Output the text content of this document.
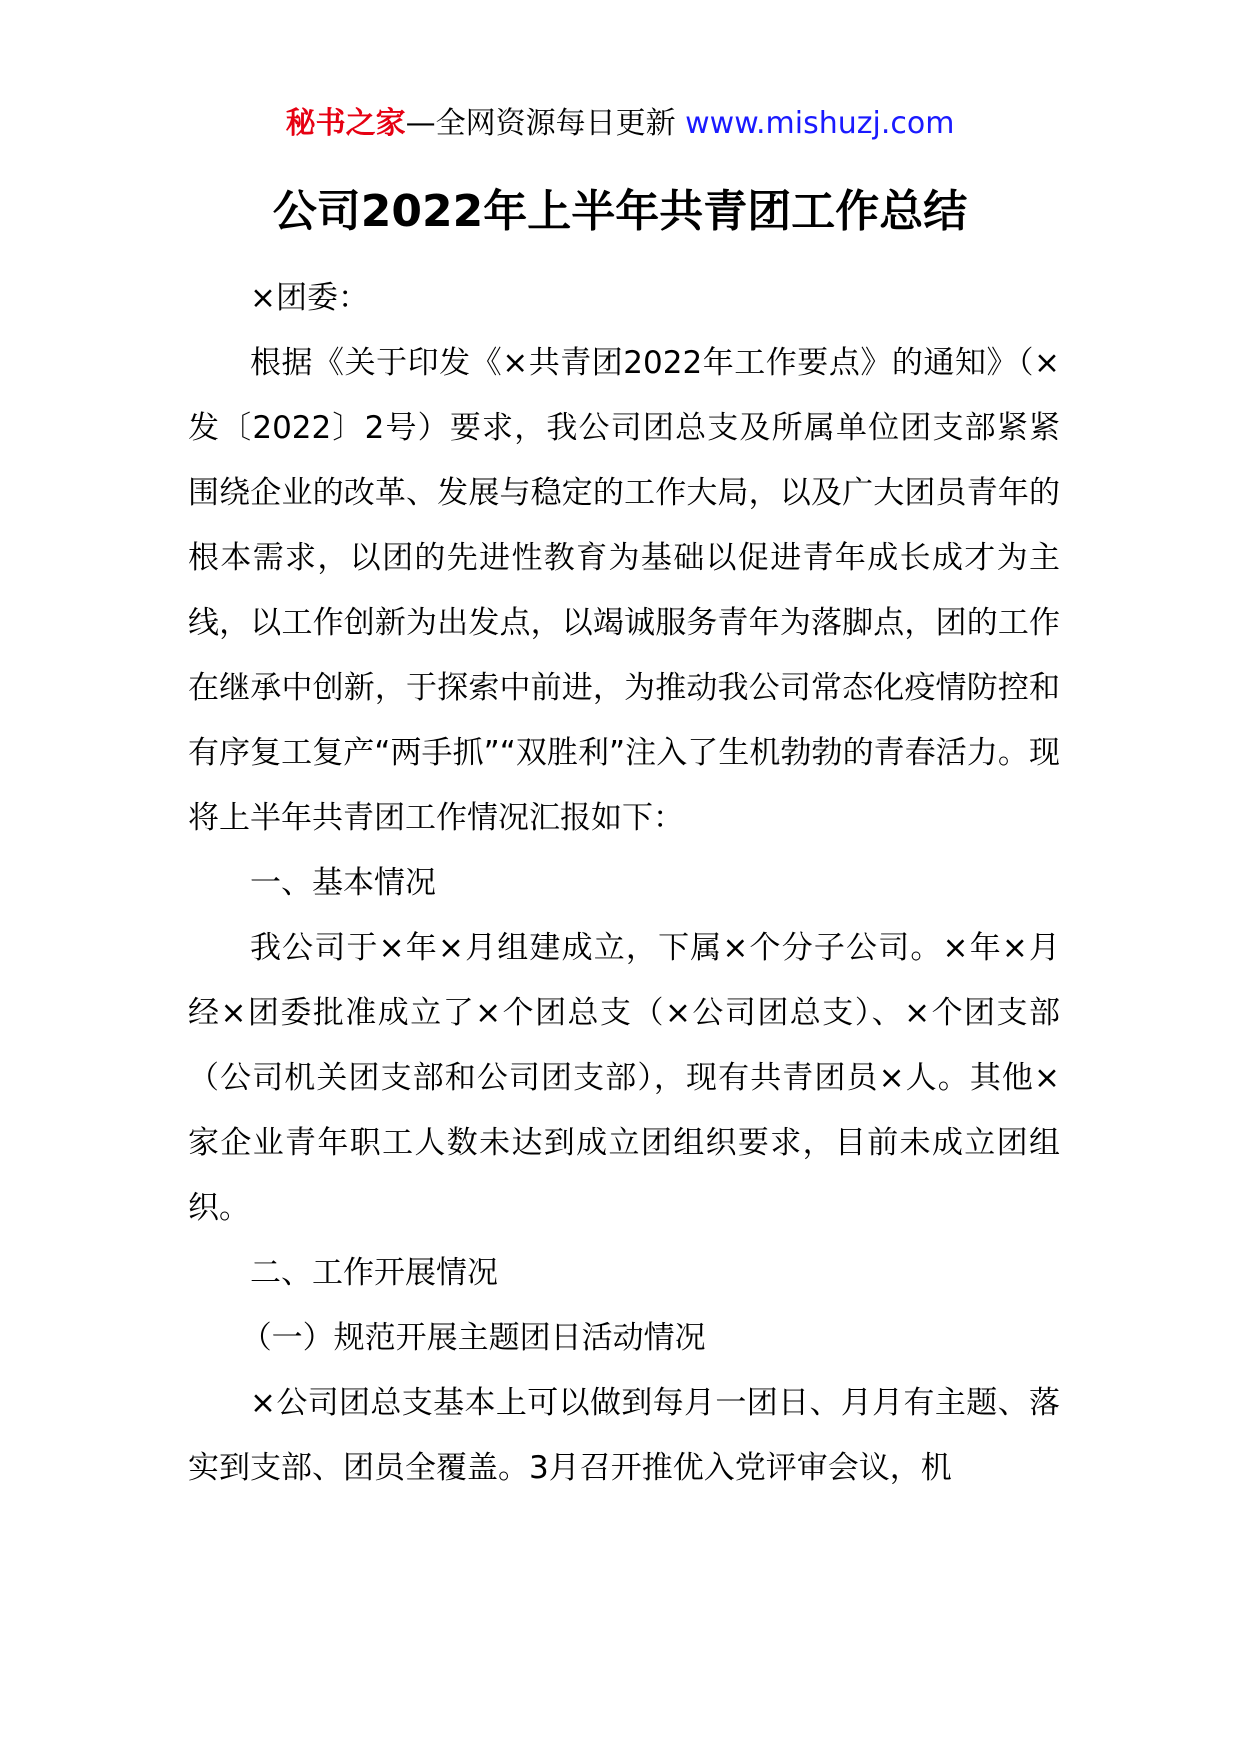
秘书之家—全网资源每日更新 www.mishuzj.com
公司2022年上半年共青团工作总结

×团委：

根据《关于印发《×共青团2022年工作要点》的通知》（×发〔2022〕2号）要求，我公司团总支及所属单位团支部紧紧围绕企业的改革、发展与稳定的工作大局，以及广大团员青年的根本需求，以团的先进性教育为基础以促进青年成长成才为主线，以工作创新为出发点，以竭诚服务青年为落脚点，团的工作在继承中创新，于探索中前进，为推动我公司常态化疫情防控和有序复工复产“两手抓”“双胜利”注入了生机勃勃的青春活力。现将上半年共青团工作情况汇报如下：

一、基本情况

我公司于×年×月组建成立，下属×个分子公司。×年×月经×团委批准成立了×个团总支（×公司团总支）、×个团支部（公司机关团支部和公司团支部），现有共青团员×人。其他×家企业青年职工人数未达到成立团组织要求，目前未成立团组织。

二、工作开展情况

（一）规范开展主题团日活动情况

×公司团总支基本上可以做到每月一团日、月月有主题、落实到支部、团员全覆盖。3月召开推优入党评审会议，机
